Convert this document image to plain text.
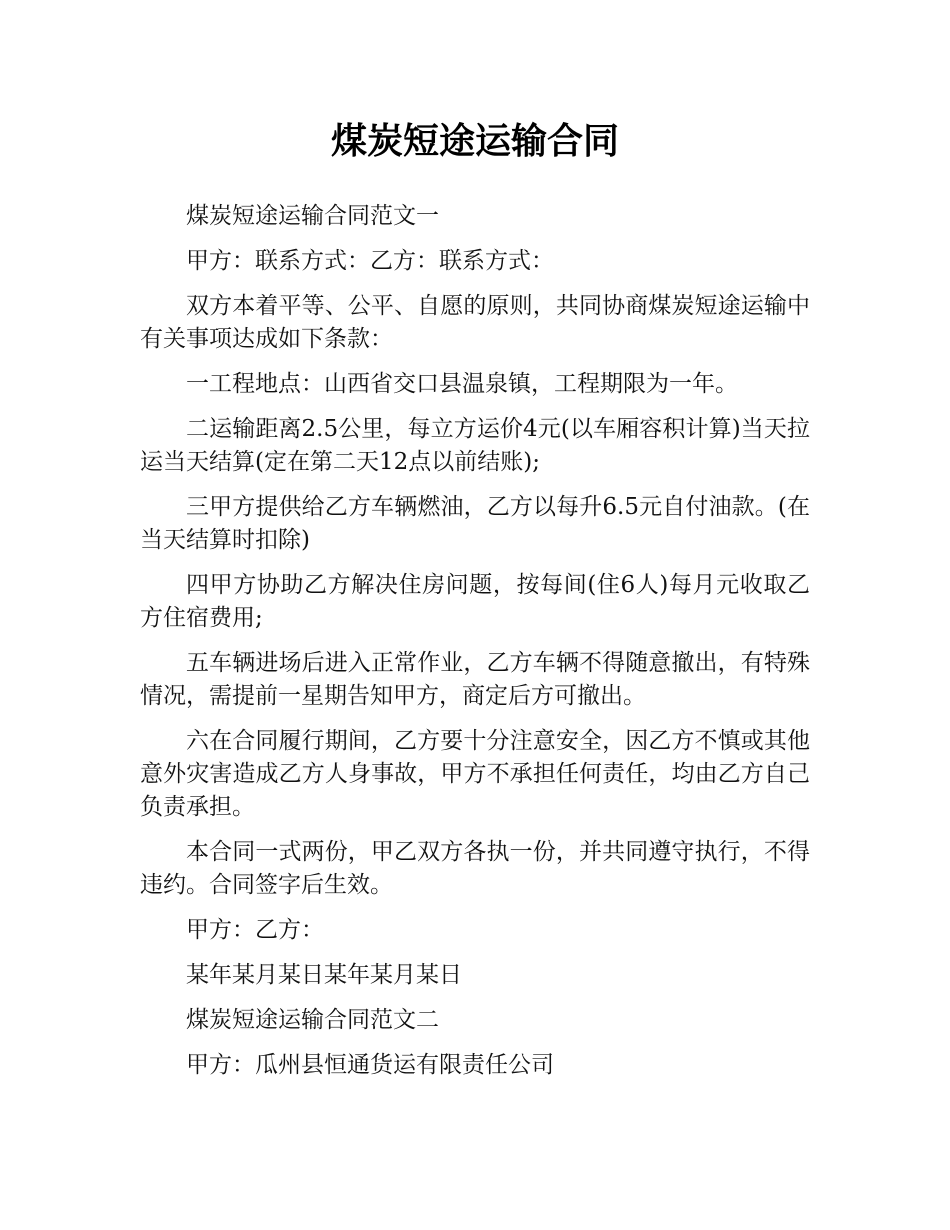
煤炭短途运输合同

煤炭短途运输合同范文一

甲方：联系方式：乙方：联系方式：

双方本着平等、公平、自愿的原则，共同协商煤炭短途运输中有关事项达成如下条款：

一工程地点：山西省交口县温泉镇，工程期限为一年。

二运输距离2.5公里，每立方运价4元(以车厢容积计算)当天拉运当天结算(定在第二天12点以前结账);

三甲方提供给乙方车辆燃油，乙方以每升6.5元自付油款。(在当天结算时扣除)

四甲方协助乙方解决住房问题，按每间(住6人)每月元收取乙方住宿费用;

五车辆进场后进入正常作业，乙方车辆不得随意撤出，有特殊情况，需提前一星期告知甲方，商定后方可撤出。

六在合同履行期间，乙方要十分注意安全，因乙方不慎或其他意外灾害造成乙方人身事故，甲方不承担任何责任，均由乙方自己负责承担。

本合同一式两份，甲乙双方各执一份，并共同遵守执行，不得违约。合同签字后生效。

甲方：乙方：

某年某月某日某年某月某日

煤炭短途运输合同范文二

甲方：瓜州县恒通货运有限责任公司
